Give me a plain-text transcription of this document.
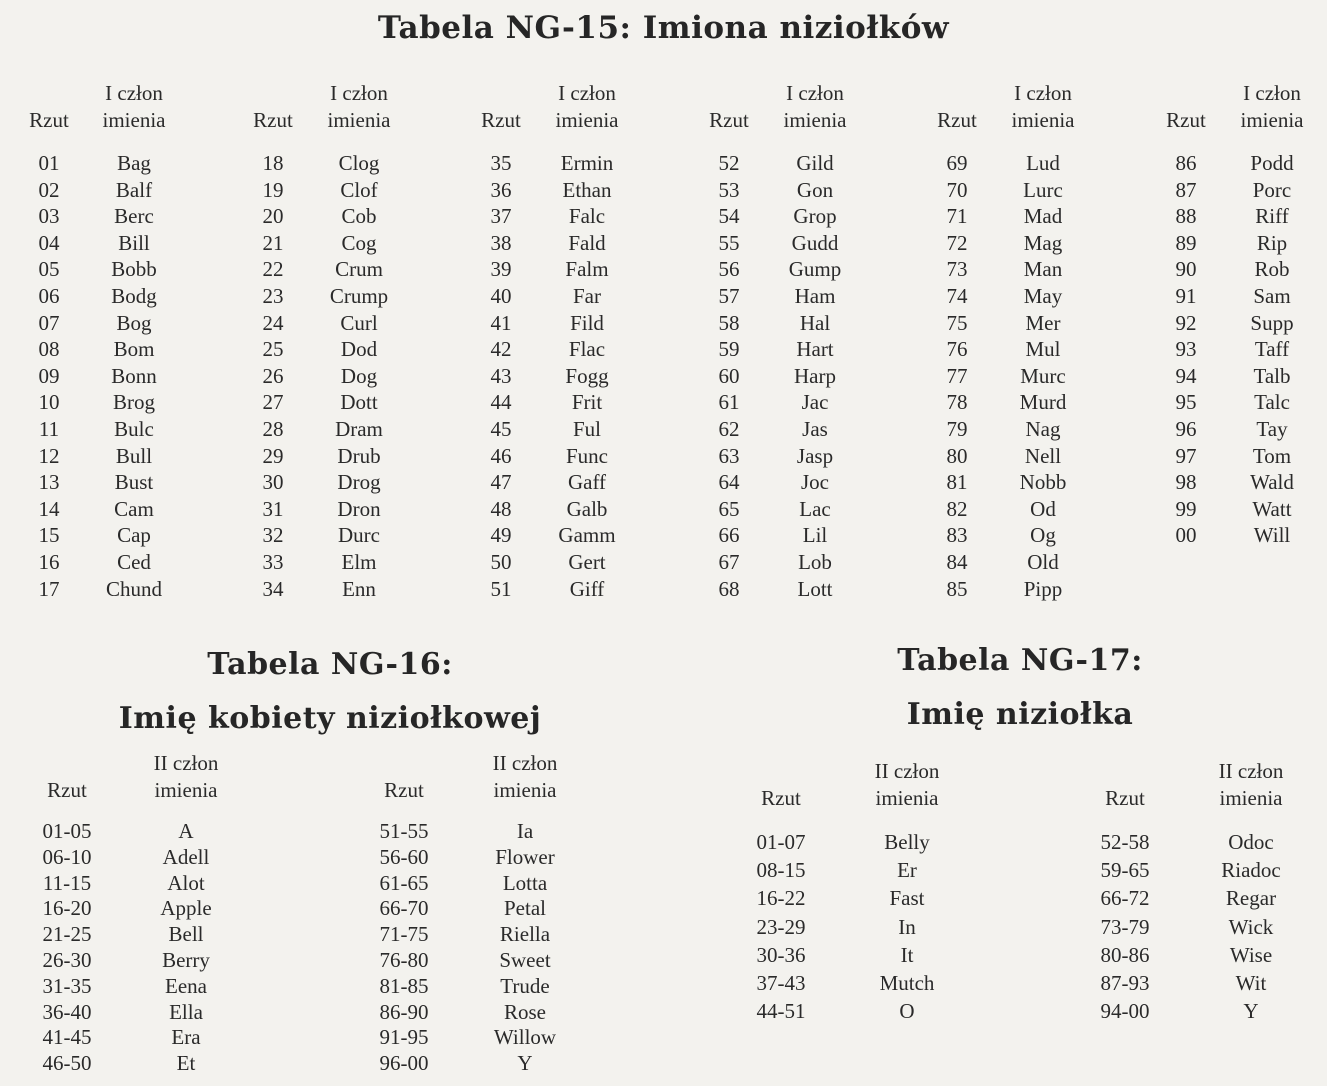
Tabela NG-15: Imiona niziołków
Tabela NG-16:
Imię kobiety niziołkowej
Tabela NG-17:
Imię niziołka
Rzut
I człon
imienia
01	Bag
02	Balf
03	Berc
04	Bill
05	Bobb
06	Bodg
07	Bog
08	Bom
09	Bonn
10	Brog
11	Bulc
12	Bull
13	Bust
14	Cam
15	Cap
16	Ced
17	Chund
Rzut
I człon
imienia
18	Clog
19	Clof
20	Cob
21	Cog
22	Crum
23	Crump
24	Curl
25	Dod
26	Dog
27	Dott
28	Dram
29	Drub
30	Drog
31	Dron
32	Durc
33	Elm
34	Enn
Rzut
I człon
imienia
35	Ermin
36	Ethan
37	Falc
38	Fald
39	Falm
40	Far
41	Fild
42	Flac
43	Fogg
44	Frit
45	Ful
46	Func
47	Gaff
48	Galb
49	Gamm
50	Gert
51	Giff
Rzut
I człon
imienia
52	Gild
53	Gon
54	Grop
55	Gudd
56	Gump
57	Ham
58	Hal
59	Hart
60	Harp
61	Jac
62	Jas
63	Jasp
64	Joc
65	Lac
66	Lil
67	Lob
68	Lott
Rzut
I człon
imienia
69	Lud
70	Lurc
71	Mad
72	Mag
73	Man
74	May
75	Mer
76	Mul
77	Murc
78	Murd
79	Nag
80	Nell
81	Nobb
82	Od
83	Og
84	Old
85	Pipp
Rzut
I człon
imienia
86	Podd
87	Porc
88	Riff
89	Rip
90	Rob
91	Sam
92	Supp
93	Taff
94	Talb
95	Talc
96	Tay
97	Tom
98	Wald
99	Watt
00	Will
Rzut
II człon
imienia
01-05	A
06-10	Adell
11-15	Alot
16-20	Apple
21-25	Bell
26-30	Berry
31-35	Eena
36-40	Ella
41-45	Era
46-50	Et
Rzut
II człon
imienia
51-55	Ia
56-60	Flower
61-65	Lotta
66-70	Petal
71-75	Riella
76-80	Sweet
81-85	Trude
86-90	Rose
91-95	Willow
96-00	Y
Rzut
II człon
imienia
01-07	Belly
08-15	Er
16-22	Fast
23-29	In
30-36	It
37-43	Mutch
44-51	O
Rzut
II człon
imienia
52-58	Odoc
59-65	Riadoc
66-72	Regar
73-79	Wick
80-86	Wise
87-93	Wit
94-00	Y
